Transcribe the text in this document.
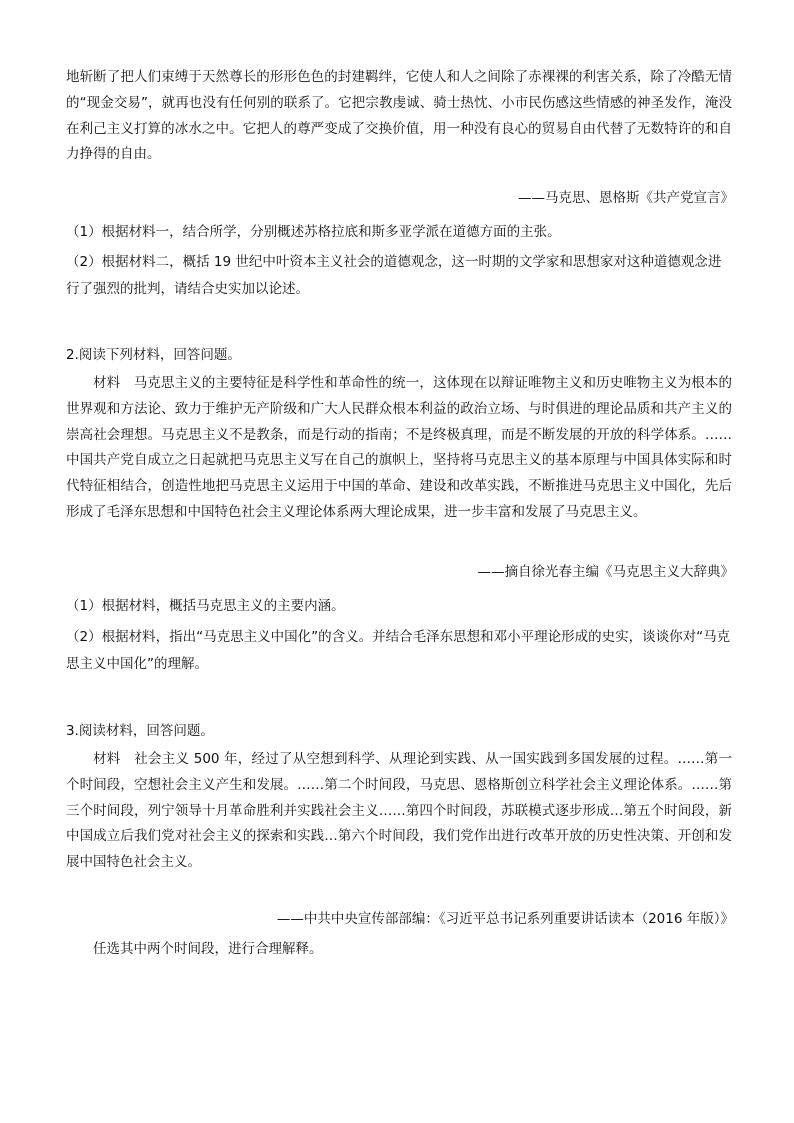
地斩断了把人们束缚于天然尊长的形形色色的封建羁绊，它使人和人之间除了赤裸裸的利害关系，除了冷酷无情的“现金交易”，就再也没有任何别的联系了。它把宗教虔诚、骑士热忱、小市民伤感这些情感的神圣发作，淹没在利己主义打算的冰水之中。它把人的尊严变成了交换价值，用一种没有良心的贸易自由代替了无数特许的和自力挣得的自由。

——马克思、恩格斯《共产党宣言》

（1）根据材料一，结合所学，分别概述苏格拉底和斯多亚学派在道德方面的主张。

（2）根据材料二，概括 19 世纪中叶资本主义社会的道德观念，这一时期的文学家和思想家对这种道德观念进行了强烈的批判，请结合史实加以论述。

2.阅读下列材料，回答问题。

材料　马克思主义的主要特征是科学性和革命性的统一，这体现在以辩证唯物主义和历史唯物主义为根本的世界观和方法论、致力于维护无产阶级和广大人民群众根本利益的政治立场、与时俱进的理论品质和共产主义的崇高社会理想。马克思主义不是教条，而是行动的指南；不是终极真理，而是不断发展的开放的科学体系。……中国共产党自成立之日起就把马克思主义写在自己的旗帜上，坚持将马克思主义的基本原理与中国具体实际和时代特征相结合，创造性地把马克思主义运用于中国的革命、建设和改革实践，不断推进马克思主义中国化，先后形成了毛泽东思想和中国特色社会主义理论体系两大理论成果，进一步丰富和发展了马克思主义。

——摘自徐光春主编《马克思主义大辞典》

（1）根据材料，概括马克思主义的主要内涵。

（2）根据材料，指出“马克思主义中国化”的含义。并结合毛泽东思想和邓小平理论形成的史实，谈谈你对“马克思主义中国化”的理解。

3.阅读材料，回答问题。

材料　社会主义 500 年，经过了从空想到科学、从理论到实践、从一国实践到多国发展的过程。……第一个时间段，空想社会主义产生和发展。……第二个时间段，马克思、恩格斯创立科学社会主义理论体系。……第三个时间段，列宁领导十月革命胜利并实践社会主义……第四个时间段，苏联模式逐步形成…第五个时间段，新中国成立后我们党对社会主义的探索和实践…第六个时间段，我们党作出进行改革开放的历史性决策、开创和发展中国特色社会主义。

——中共中央宣传部部编：《习近平总书记系列重要讲话读本（2016 年版）》

任选其中两个时间段，进行合理解释。
